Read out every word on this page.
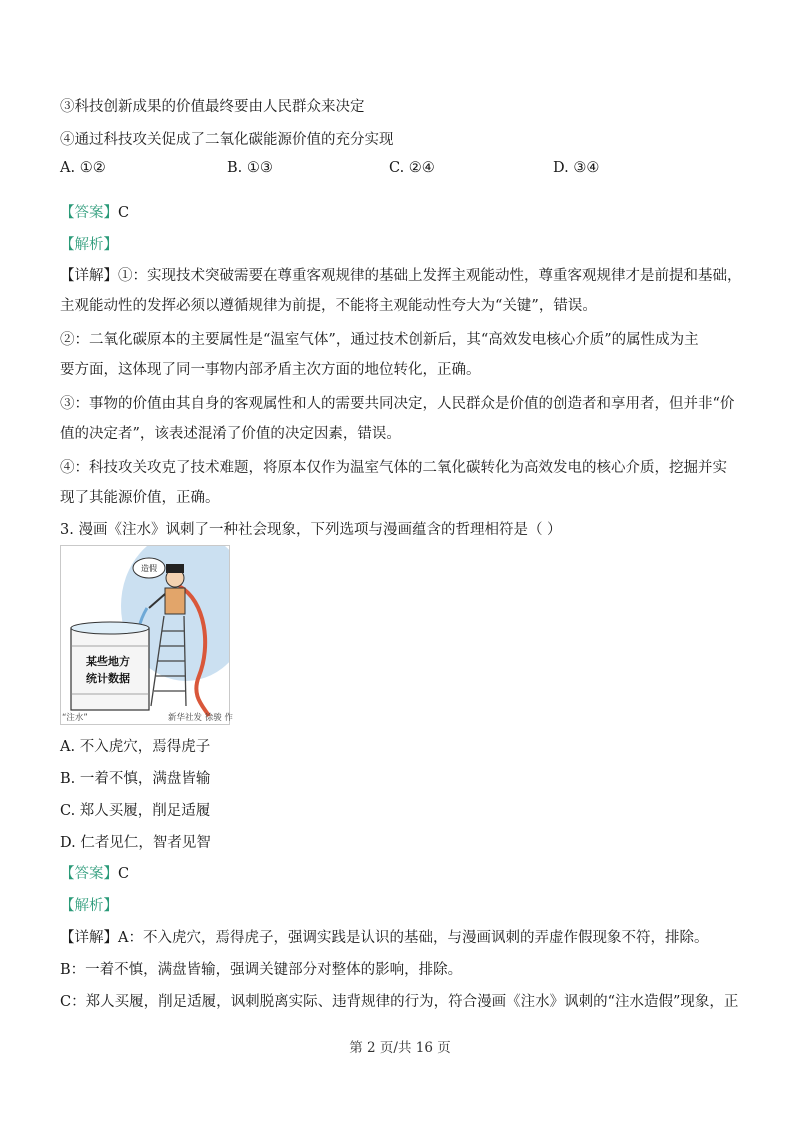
③科技创新成果的价值最终要由人民群众来决定
④通过科技攻关促成了二氧化碳能源价值的充分实现
A. ①②	B. ①③	C. ②④	D. ③④
【答案】C
【解析】
【详解】①：实现技术突破需要在尊重客观规律的基础上发挥主观能动性，尊重客观规律才是前提和基础，
主观能动性的发挥必须以遵循规律为前提，不能将主观能动性夸大为“关键”，错误。
②：二氧化碳原本的主要属性是“温室气体”，通过技术创新后，其“高效发电核心介质”的属性成为主
要方面，这体现了同一事物内部矛盾主次方面的地位转化，正确。
③：事物的价值由其自身的客观属性和人的需要共同决定，人民群众是价值的创造者和享用者，但并非“价
值的决定者”，该表述混淆了价值的决定因素，错误。
④：科技攻关攻克了技术难题，将原本仅作为温室气体的二氧化碳转化为高效发电的核心介质，挖掘并实
现了其能源价值，正确。
3. 漫画《注水》讽刺了一种社会现象，下列选项与漫画蕴含的哲理相符是（ ）
造假
某些地方
统计数据
“注水”	新华社发 徐骏 作
A. 不入虎穴，焉得虎子
B. 一着不慎，满盘皆输
C. 郑人买履，削足适履
D. 仁者见仁，智者见智
【答案】C
【解析】
【详解】A：不入虎穴，焉得虎子，强调实践是认识的基础，与漫画讽刺的弄虚作假现象不符，排除。
B：一着不慎，满盘皆输，强调关键部分对整体的影响，排除。
C：郑人买履，削足适履，讽刺脱离实际、违背规律的行为，符合漫画《注水》讽刺的“注水造假”现象，正
第 2 页/共 16 页
